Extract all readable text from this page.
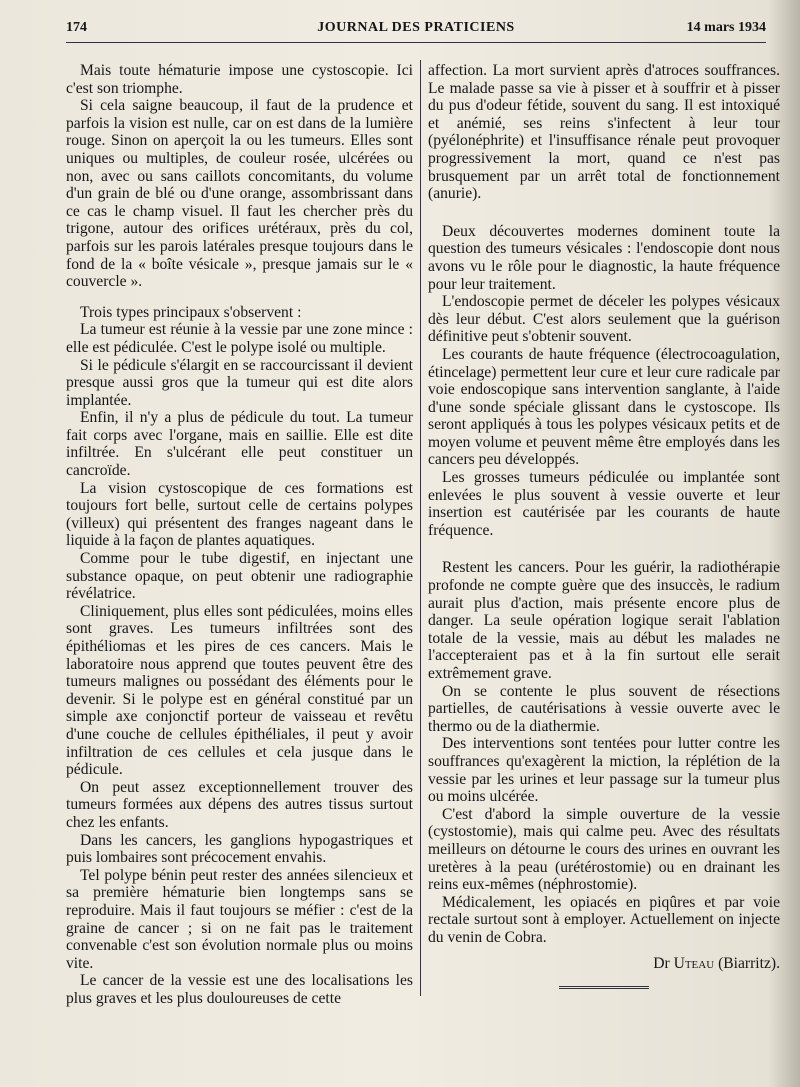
174	JOURNAL DES PRATICIENS	14 mars 1934

Mais toute hématurie impose une cystoscopie. Ici c'est son triomphe.

Si cela saigne beaucoup, il faut de la prudence et parfois la vision est nulle, car on est dans de la lumière rouge. Sinon on aperçoit la ou les tumeurs. Elles sont uniques ou multiples, de couleur rosée, ulcérées ou non, avec ou sans caillots concomitants, du volume d'un grain de blé ou d'une orange, assombrissant dans ce cas le champ visuel. Il faut les chercher près du trigone, autour des orifices urétéraux, près du col, parfois sur les parois latérales presque toujours dans le fond de la « boîte vésicale », presque jamais sur le « couvercle ».

Trois types principaux s'observent :

La tumeur est réunie à la vessie par une zone mince : elle est pédiculée. C'est le polype isolé ou multiple.

Si le pédicule s'élargit en se raccourcissant il devient presque aussi gros que la tumeur qui est dite alors implantée.

Enfin, il n'y a plus de pédicule du tout. La tumeur fait corps avec l'organe, mais en saillie. Elle est dite infiltrée. En s'ulcérant elle peut constituer un cancroïde.

La vision cystoscopique de ces formations est toujours fort belle, surtout celle de certains polypes (villeux) qui présentent des franges nageant dans le liquide à la façon de plantes aquatiques.

Comme pour le tube digestif, en injectant une substance opaque, on peut obtenir une radiographie révélatrice.

Cliniquement, plus elles sont pédiculées, moins elles sont graves. Les tumeurs infiltrées sont des épithéliomas et les pires de ces cancers. Mais le laboratoire nous apprend que toutes peuvent être des tumeurs malignes ou possédant des éléments pour le devenir. Si le polype est en général constitué par un simple axe conjonctif porteur de vaisseau et revêtu d'une couche de cellules épithéliales, il peut y avoir infiltration de ces cellules et cela jusque dans le pédicule.

On peut assez exceptionnellement trouver des tumeurs formées aux dépens des autres tissus surtout chez les enfants.

Dans les cancers, les ganglions hypogastriques et puis lombaires sont précocement envahis.

Tel polype bénin peut rester des années silencieux et sa première hématurie bien longtemps sans se reproduire. Mais il faut toujours se méfier : c'est de la graine de cancer ; si on ne fait pas le traitement convenable c'est son évolution normale plus ou moins vite.

Le cancer de la vessie est une des localisations les plus graves et les plus douloureuses de cette

affection. La mort survient après d'atroces souffrances. Le malade passe sa vie à pisser et à souffrir et à pisser du pus d'odeur fétide, souvent du sang. Il est intoxiqué et anémié, ses reins s'infectent à leur tour (pyélonéphrite) et l'insuffisance rénale peut provoquer progressivement la mort, quand ce n'est pas brusquement par un arrêt total de fonctionnement (anurie).

Deux découvertes modernes dominent toute la question des tumeurs vésicales : l'endoscopie dont nous avons vu le rôle pour le diagnostic, la haute fréquence pour leur traitement.

L'endoscopie permet de déceler les polypes vésicaux dès leur début. C'est alors seulement que la guérison définitive peut s'obtenir souvent.

Les courants de haute fréquence (électrocoagulation, étincelage) permettent leur cure et leur cure radicale par voie endoscopique sans intervention sanglante, à l'aide d'une sonde spéciale glissant dans le cystoscope. Ils seront appliqués à tous les polypes vésicaux petits et de moyen volume et peuvent même être employés dans les cancers peu développés.

Les grosses tumeurs pédiculée ou implantée sont enlevées le plus souvent à vessie ouverte et leur insertion est cautérisée par les courants de haute fréquence.

Restent les cancers. Pour les guérir, la radiothérapie profonde ne compte guère que des insuccès, le radium aurait plus d'action, mais présente encore plus de danger. La seule opération logique serait l'ablation totale de la vessie, mais au début les malades ne l'accepteraient pas et à la fin surtout elle serait extrêmement grave.

On se contente le plus souvent de résections partielles, de cautérisations à vessie ouverte avec le thermo ou de la diathermie.

Des interventions sont tentées pour lutter contre les souffrances qu'exagèrent la miction, la réplétion de la vessie par les urines et leur passage sur la tumeur plus ou moins ulcérée.

C'est d'abord la simple ouverture de la vessie (cystostomie), mais qui calme peu. Avec des résultats meilleurs on détourne le cours des urines en ouvrant les uretères à la peau (urétérostomie) ou en drainant les reins eux-mêmes (néphrostomie).

Médicalement, les opiacés en piqûres et par voie rectale surtout sont à employer. Actuellement on injecte du venin de Cobra.

Dr Uteau (Biarritz).
